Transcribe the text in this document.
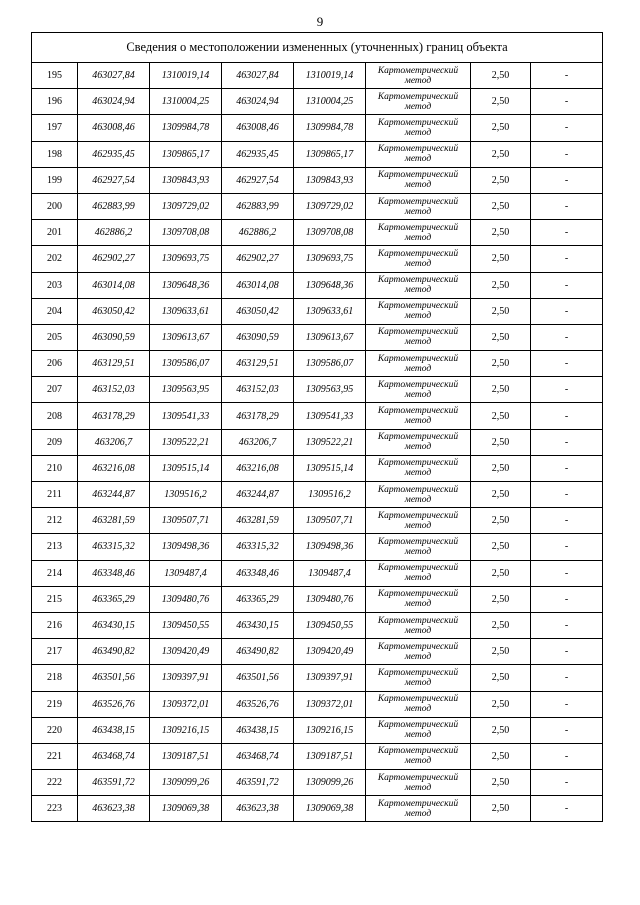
9
Сведения о местоположении измененных (уточненных) границ объекта							
195	463027,84	1310019,14	463027,84	1310019,14	Картометрический метод	2,50	-
196	463024,94	1310004,25	463024,94	1310004,25	Картометрический метод	2,50	-
197	463008,46	1309984,78	463008,46	1309984,78	Картометрический метод	2,50	-
198	462935,45	1309865,17	462935,45	1309865,17	Картометрический метод	2,50	-
199	462927,54	1309843,93	462927,54	1309843,93	Картометрический метод	2,50	-
200	462883,99	1309729,02	462883,99	1309729,02	Картометрический метод	2,50	-
201	462886,2	1309708,08	462886,2	1309708,08	Картометрический метод	2,50	-
202	462902,27	1309693,75	462902,27	1309693,75	Картометрический метод	2,50	-
203	463014,08	1309648,36	463014,08	1309648,36	Картометрический метод	2,50	-
204	463050,42	1309633,61	463050,42	1309633,61	Картометрический метод	2,50	-
205	463090,59	1309613,67	463090,59	1309613,67	Картометрический метод	2,50	-
206	463129,51	1309586,07	463129,51	1309586,07	Картометрический метод	2,50	-
207	463152,03	1309563,95	463152,03	1309563,95	Картометрический метод	2,50	-
208	463178,29	1309541,33	463178,29	1309541,33	Картометрический метод	2,50	-
209	463206,7	1309522,21	463206,7	1309522,21	Картометрический метод	2,50	-
210	463216,08	1309515,14	463216,08	1309515,14	Картометрический метод	2,50	-
211	463244,87	1309516,2	463244,87	1309516,2	Картометрический метод	2,50	-
212	463281,59	1309507,71	463281,59	1309507,71	Картометрический метод	2,50	-
213	463315,32	1309498,36	463315,32	1309498,36	Картометрический метод	2,50	-
214	463348,46	1309487,4	463348,46	1309487,4	Картометрический метод	2,50	-
215	463365,29	1309480,76	463365,29	1309480,76	Картометрический метод	2,50	-
216	463430,15	1309450,55	463430,15	1309450,55	Картометрический метод	2,50	-
217	463490,82	1309420,49	463490,82	1309420,49	Картометрический метод	2,50	-
218	463501,56	1309397,91	463501,56	1309397,91	Картометрический метод	2,50	-
219	463526,76	1309372,01	463526,76	1309372,01	Картометрический метод	2,50	-
220	463438,15	1309216,15	463438,15	1309216,15	Картометрический метод	2,50	-
221	463468,74	1309187,51	463468,74	1309187,51	Картометрический метод	2,50	-
222	463591,72	1309099,26	463591,72	1309099,26	Картометрический метод	2,50	-
223	463623,38	1309069,38	463623,38	1309069,38	Картометрический метод	2,50	-
